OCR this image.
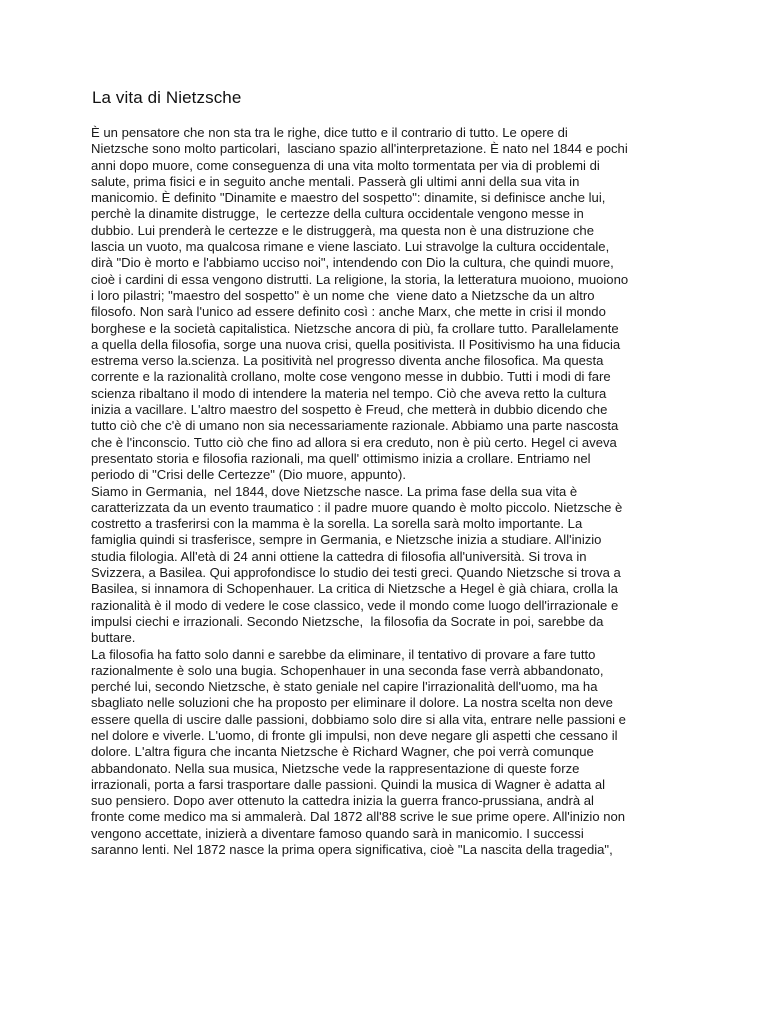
La vita di Nietzsche
È un pensatore che non sta tra le righe, dice tutto e il contrario di tutto. Le opere di
Nietzsche sono molto particolari,  lasciano spazio all'interpretazione. È nato nel 1844 e pochi
anni dopo muore, come conseguenza di una vita molto tormentata per via di problemi di
salute, prima fisici e in seguito anche mentali. Passerà gli ultimi anni della sua vita in
manicomio. È definito "Dinamite e maestro del sospetto": dinamite, si definisce anche lui,
perchè la dinamite distrugge,  le certezze della cultura occidentale vengono messe in
dubbio. Lui prenderà le certezze e le distruggerà, ma questa non è una distruzione che
lascia un vuoto, ma qualcosa rimane e viene lasciato. Lui stravolge la cultura occidentale,
dirà "Dio è morto e l'abbiamo ucciso noi", intendendo con Dio la cultura, che quindi muore,
cioè i cardini di essa vengono distrutti. La religione, la storia, la letteratura muoiono, muoiono
i loro pilastri; "maestro del sospetto" è un nome che  viene dato a Nietzsche da un altro
filosofo. Non sarà l'unico ad essere definito così : anche Marx, che mette in crisi il mondo
borghese e la società capitalistica. Nietzsche ancora di più, fa crollare tutto. Parallelamente
a quella della filosofia, sorge una nuova crisi, quella positivista. Il Positivismo ha una fiducia
estrema verso la.scienza. La positività nel progresso diventa anche filosofica. Ma questa
corrente e la razionalità crollano, molte cose vengono messe in dubbio. Tutti i modi di fare
scienza ribaltano il modo di intendere la materia nel tempo. Ciò che aveva retto la cultura
inizia a vacillare. L'altro maestro del sospetto è Freud, che metterà in dubbio dicendo che
tutto ciò che c'è di umano non sia necessariamente razionale. Abbiamo una parte nascosta
che è l'inconscio. Tutto ciò che fino ad allora si era creduto, non è più certo. Hegel ci aveva
presentato storia e filosofia razionali, ma quell' ottimismo inizia a crollare. Entriamo nel
periodo di "Crisi delle Certezze" (Dio muore, appunto).
Siamo in Germania,  nel 1844, dove Nietzsche nasce. La prima fase della sua vita è
caratterizzata da un evento traumatico : il padre muore quando è molto piccolo. Nietzsche è
costretto a trasferirsi con la mamma è la sorella. La sorella sarà molto importante. La
famiglia quindi si trasferisce, sempre in Germania, e Nietzsche inizia a studiare. All'inizio
studia filologia. All'età di 24 anni ottiene la cattedra di filosofia all'università. Si trova in
Svizzera, a Basilea. Qui approfondisce lo studio dei testi greci. Quando Nietzsche si trova a
Basilea, si innamora di Schopenhauer. La critica di Nietzsche a Hegel è già chiara, crolla la
razionalità è il modo di vedere le cose classico, vede il mondo come luogo dell'irrazionale e
impulsi ciechi e irrazionali. Secondo Nietzsche,  la filosofia da Socrate in poi, sarebbe da
buttare.
La filosofia ha fatto solo danni e sarebbe da eliminare, il tentativo di provare a fare tutto
razionalmente è solo una bugia. Schopenhauer in una seconda fase verrà abbandonato,
perché lui, secondo Nietzsche, è stato geniale nel capire l'irrazionalità dell'uomo, ma ha
sbagliato nelle soluzioni che ha proposto per eliminare il dolore. La nostra scelta non deve
essere quella di uscire dalle passioni, dobbiamo solo dire si alla vita, entrare nelle passioni e
nel dolore e viverle. L'uomo, di fronte gli impulsi, non deve negare gli aspetti che cessano il
dolore. L'altra figura che incanta Nietzsche è Richard Wagner, che poi verrà comunque
abbandonato. Nella sua musica, Nietzsche vede la rappresentazione di queste forze
irrazionali, porta a farsi trasportare dalle passioni. Quindi la musica di Wagner è adatta al
suo pensiero. Dopo aver ottenuto la cattedra inizia la guerra franco-prussiana, andrà al
fronte come medico ma si ammalerà. Dal 1872 all'88 scrive le sue prime opere. All'inizio non
vengono accettate, inizierà a diventare famoso quando sarà in manicomio. I successi
saranno lenti. Nel 1872 nasce la prima opera significativa, cioè "La nascita della tragedia",
